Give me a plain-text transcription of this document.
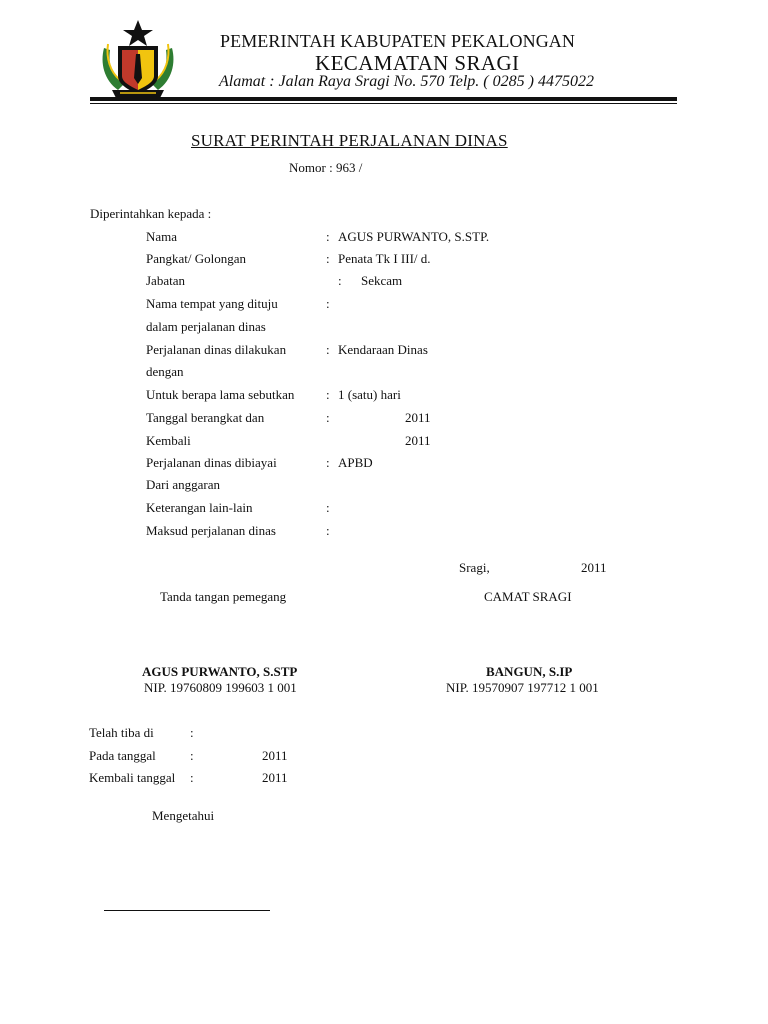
PEMERINTAH KABUPATEN PEKALONGAN
KECAMATAN SRAGI
Alamat : Jalan Raya Sragi No. 570 Telp. ( 0285 ) 4475022
SURAT PERINTAH PERJALANAN DINAS
Nomor : 963 /
Diperintahkan kepada :
Nama	: AGUS PURWANTO, S.STP.
Pangkat/ Golongan	: Penata Tk I III/ d.
Jabatan	: Sekcam
Nama tempat yang dituju	:
dalam perjalanan dinas
Perjalanan dinas dilakukan	: Kendaraan Dinas
dengan
Untuk berapa lama sebutkan : 1 (satu) hari
Tanggal berangkat dan	:	2011
Kembali	2011
Perjalanan dinas dibiayai	: APBD
Dari anggaran
Keterangan lain-lain	:
Maksud perjalanan dinas	:
Sragi,	2011
Tanda tangan pemegang	CAMAT SRAGI
AGUS PURWANTO, S.STP
NIP. 19760809 199603 1 001
BANGUN, S.IP
NIP. 19570907 197712 1 001
Telah tiba di	:
Pada tanggal	:	2011
Kembali tanggal :	2011
Mengetahui
